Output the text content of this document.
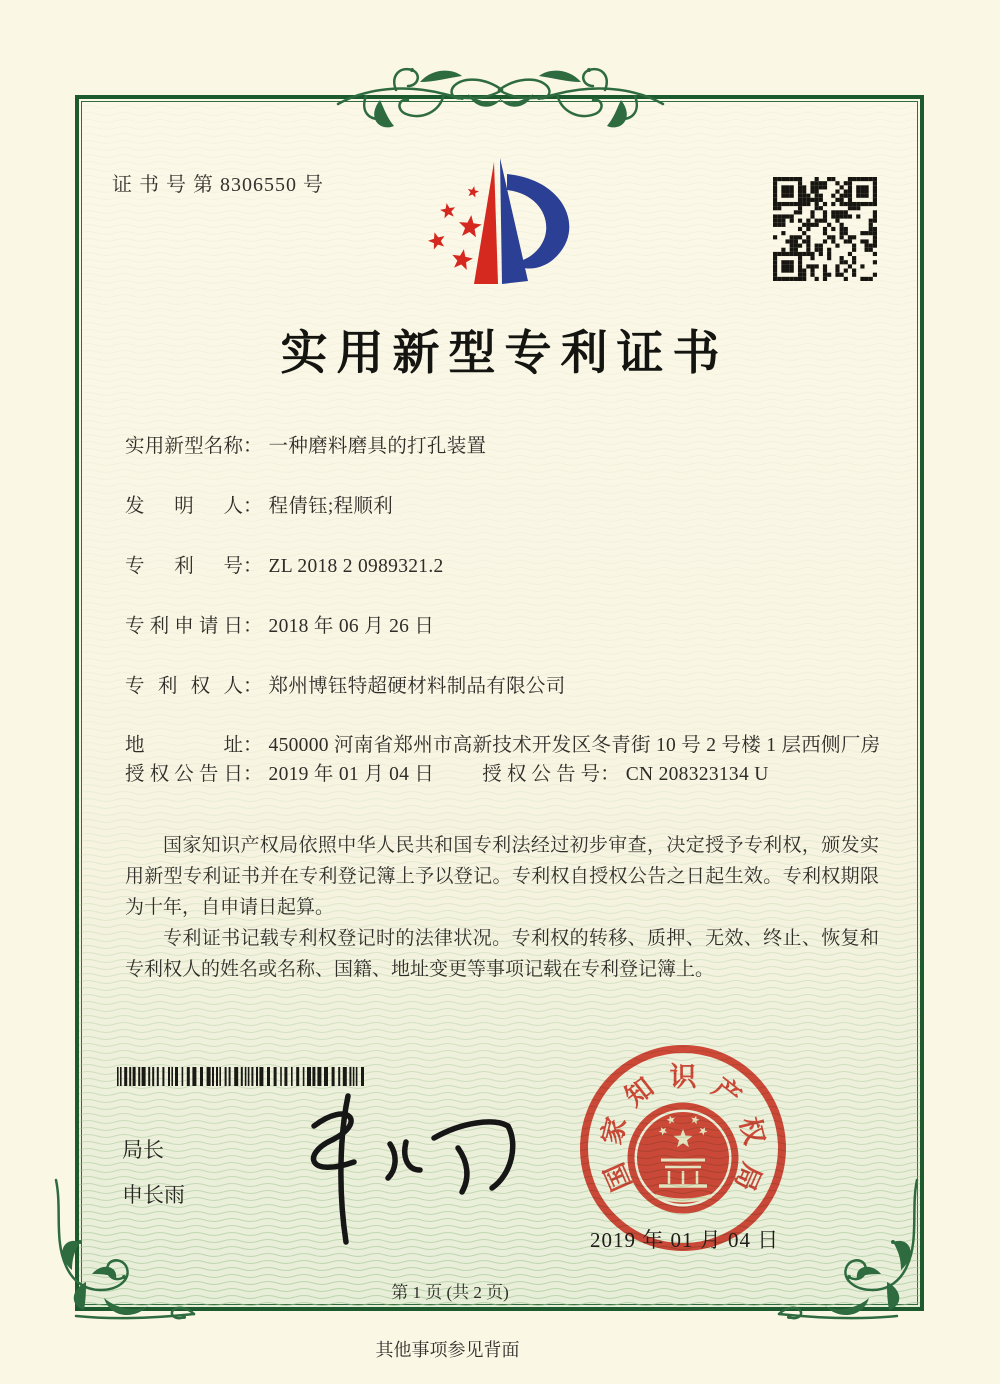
证 书 号 第 8306550 号
实用新型专利证书
实 用 新 型 名 称 ： 一种磨料磨具的打孔装置
发 明 人 ： 程倩钰;程顺利
专 利 号 ： ZL 2018 2 0989321.2
专 利 申 请 日 ： 2018 年 06 月 26 日
专 利 权 人 ： 郑州博钰特超硬材料制品有限公司
地	址 ： 450000 河南省郑州市高新技术开发区冬青街 10 号 2 号楼 1 层西侧厂房
授 权 公 告 日 ： 2019 年 01 月 04 日 授 权 公 告 号 ： CN 208323134 U

国家知识产权局依照中华人民共和国专利法经过初步审查，决定授予专利权，颁发实用新型专利证书并在专利登记簿上予以登记。专利权自授权公告之日起生效。专利权期限为十年，自申请日起算。

专利证书记载专利权登记时的法律状况。专利权的转移、质押、无效、终止、恢复和专利权人的姓名或名称、国籍、地址变更等事项记载在专利登记簿上。

局长
申长雨	国
家
知 识 产
权
局
2019 年 01 月 04 日
第 1 页 (共 2 页)
其他事项参见背面
